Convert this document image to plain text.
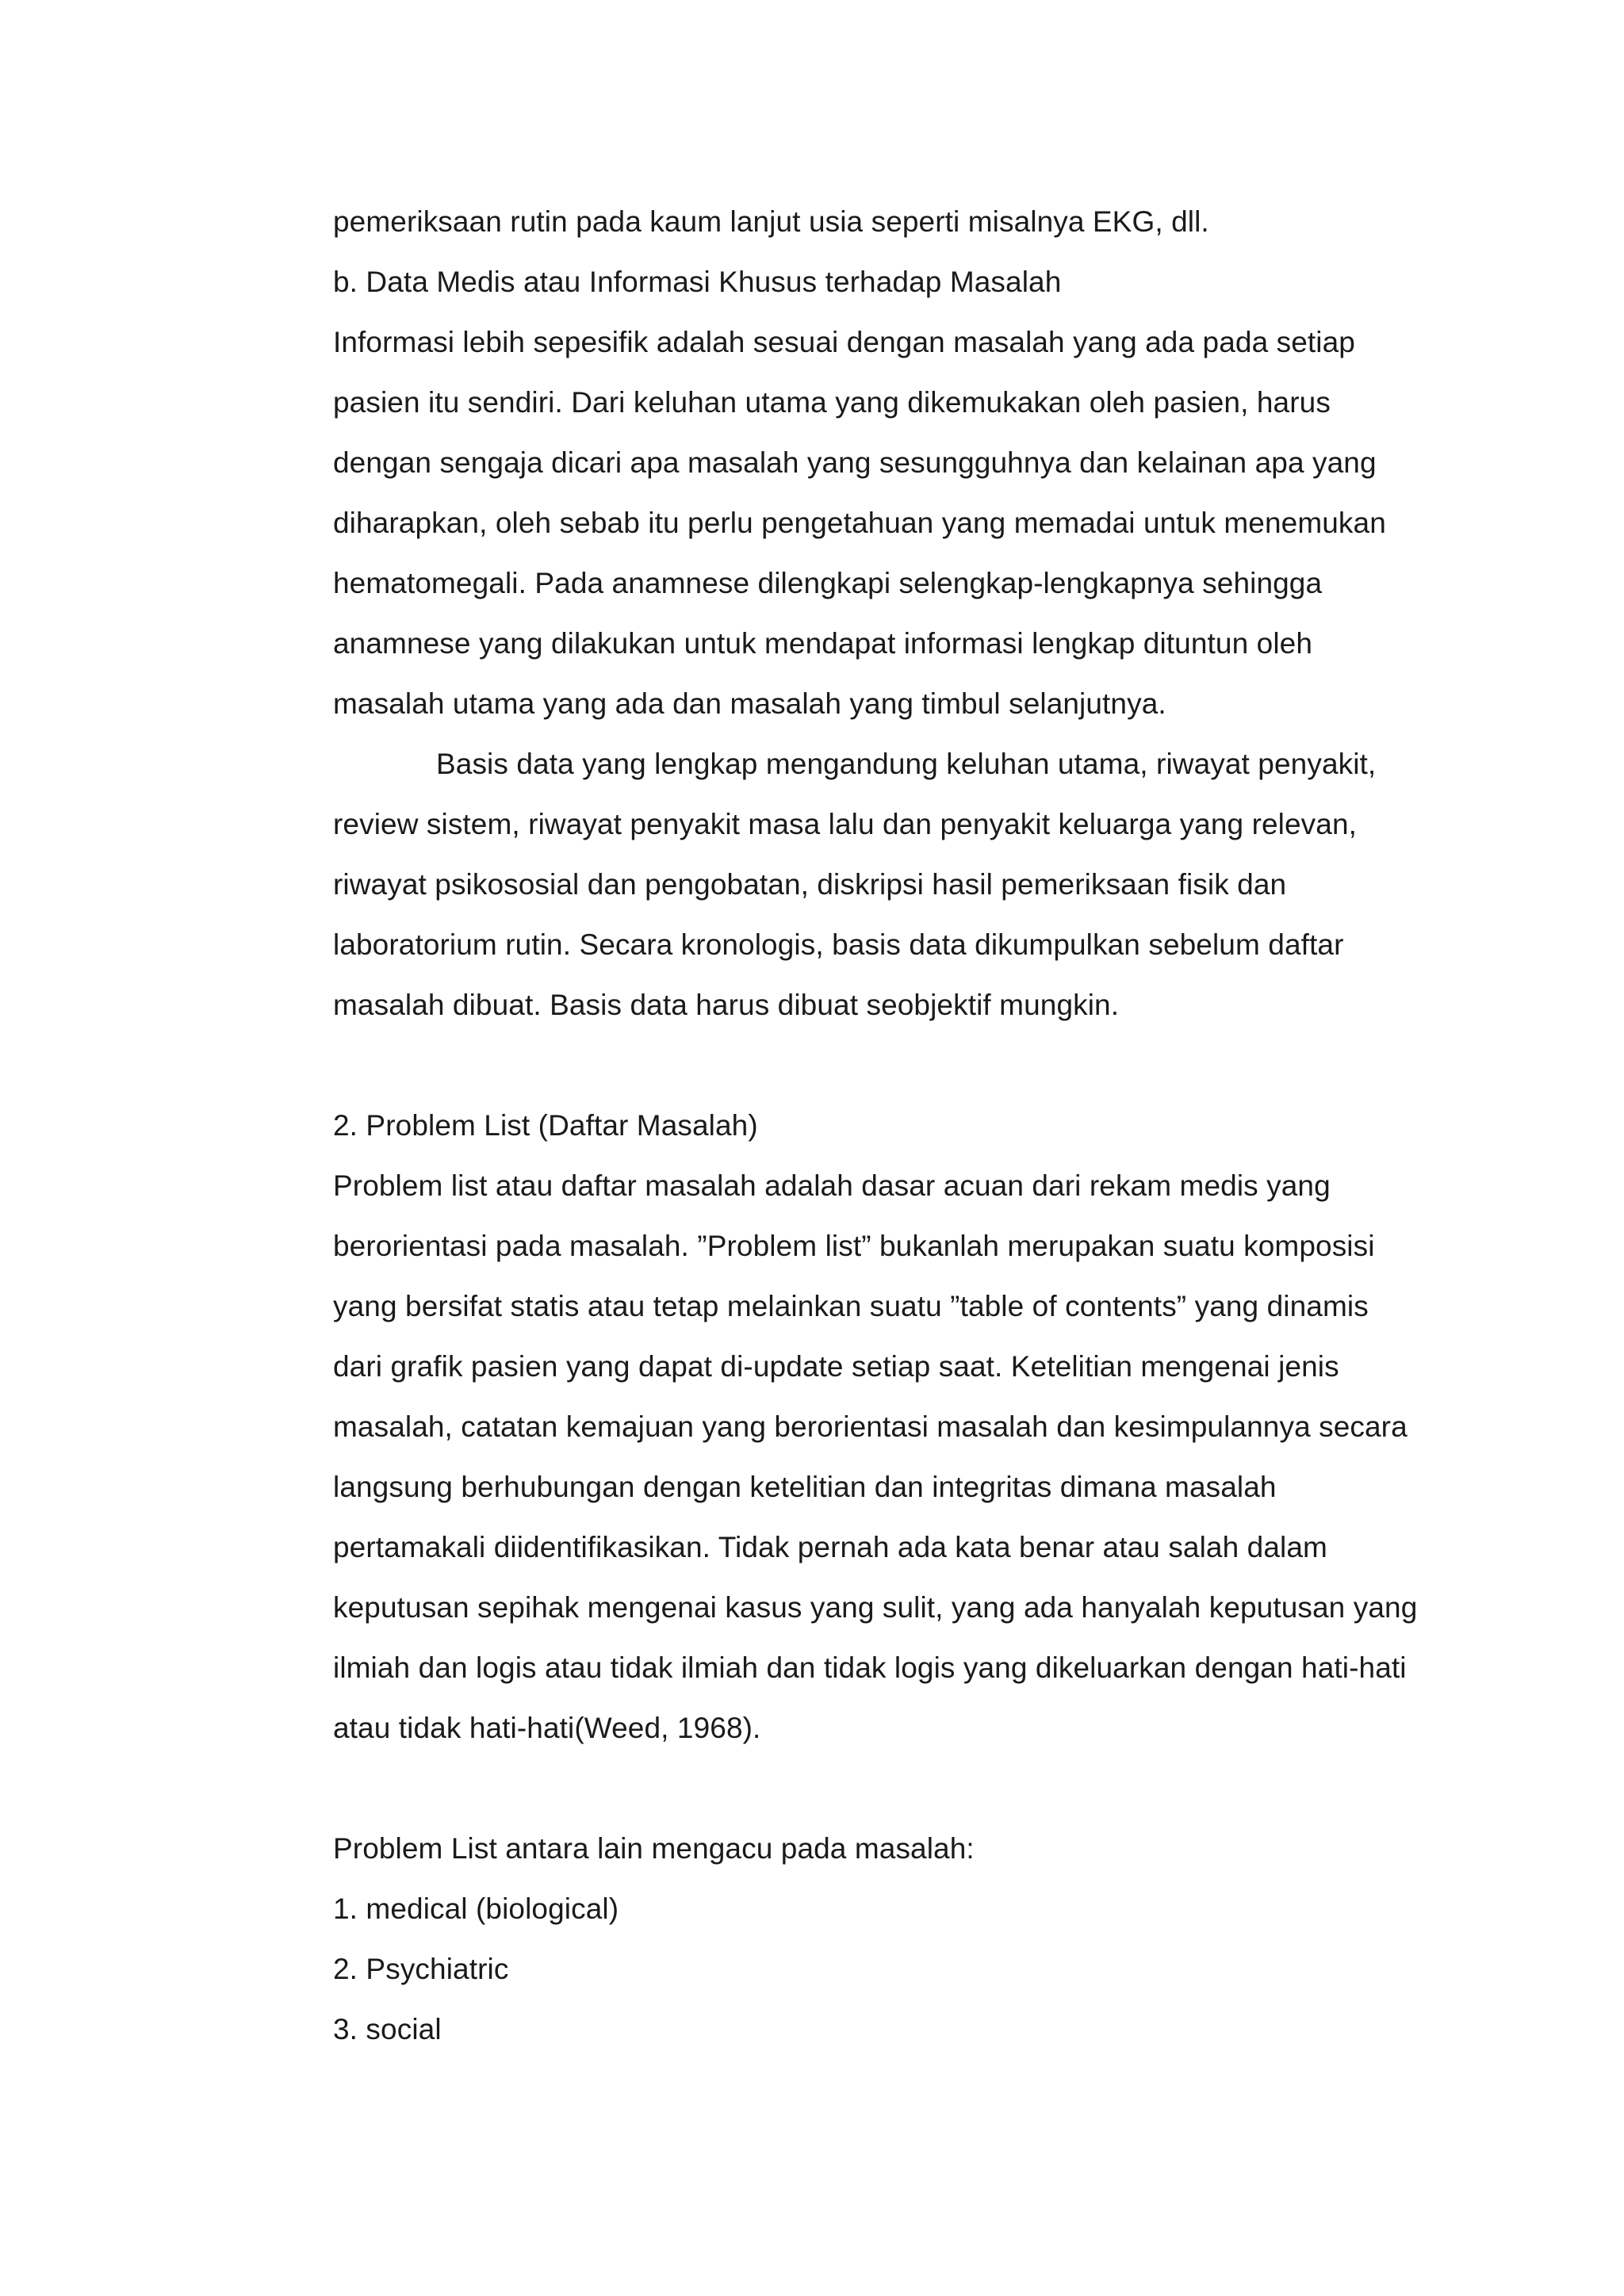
pemeriksaan rutin pada kaum lanjut usia seperti misalnya EKG, dll.
b. Data Medis atau Informasi Khusus terhadap Masalah
Informasi lebih sepesifik adalah sesuai dengan masalah yang ada pada setiap
pasien itu sendiri. Dari keluhan utama yang dikemukakan oleh pasien, harus
dengan sengaja dicari apa masalah yang sesungguhnya dan kelainan apa yang
diharapkan, oleh sebab itu perlu pengetahuan yang memadai untuk menemukan
hematomegali. Pada anamnese dilengkapi selengkap-lengkapnya sehingga
anamnese yang dilakukan untuk mendapat informasi lengkap dituntun oleh
masalah utama yang ada dan masalah yang timbul selanjutnya.
Basis data yang lengkap mengandung keluhan utama, riwayat penyakit,
review sistem, riwayat penyakit masa lalu dan penyakit keluarga yang relevan,
riwayat psikososial dan pengobatan, diskripsi hasil pemeriksaan fisik dan
laboratorium rutin. Secara kronologis, basis data dikumpulkan sebelum daftar
masalah dibuat. Basis data harus dibuat seobjektif mungkin.
2. Problem List (Daftar Masalah)
Problem list atau daftar masalah adalah dasar acuan dari rekam medis yang
berorientasi pada masalah. ”Problem list” bukanlah merupakan suatu komposisi
yang bersifat statis atau tetap melainkan suatu ”table of contents” yang dinamis
dari grafik pasien yang dapat di-update setiap saat. Ketelitian mengenai jenis
masalah, catatan kemajuan yang berorientasi masalah dan kesimpulannya secara
langsung berhubungan dengan ketelitian dan integritas dimana masalah
pertamakali diidentifikasikan. Tidak pernah ada kata benar atau salah dalam
keputusan sepihak mengenai kasus yang sulit, yang ada hanyalah keputusan yang
ilmiah dan logis atau tidak ilmiah dan tidak logis yang dikeluarkan dengan hati-hati
atau tidak hati-hati(Weed, 1968).
Problem List antara lain mengacu pada masalah:
1. medical (biological)
2. Psychiatric
3. social
